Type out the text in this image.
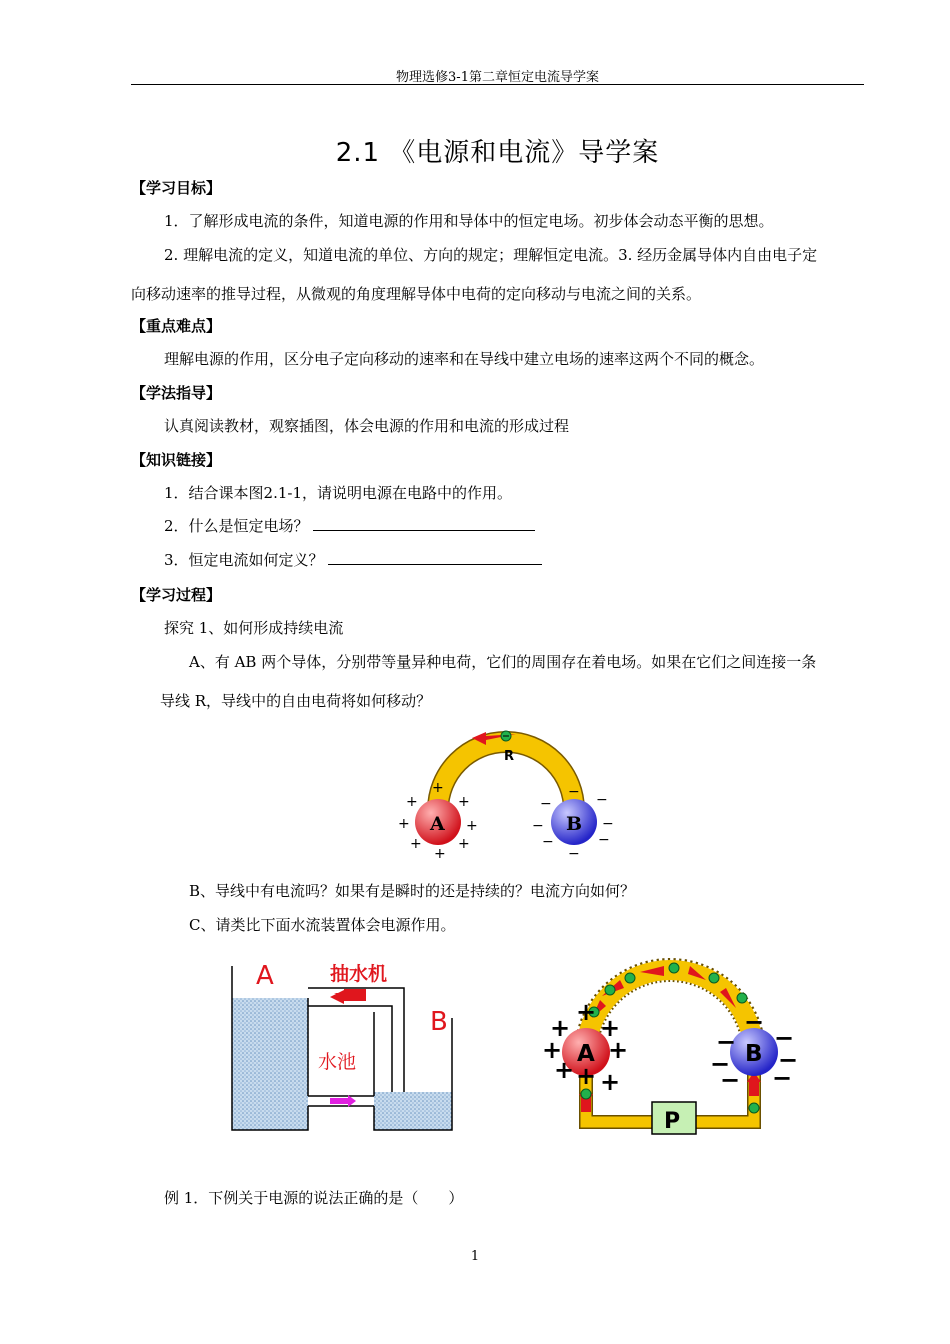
物理选修3-1第二章恒定电流导学案
2.1 《电源和电流》导学案
【学习目标】
1．了解形成电流的条件，知道电源的作用和导体中的恒定电场。初步体会动态平衡的思想。
2. 理解电流的定义，知道电流的单位、方向的规定；理解恒定电流。3. 经历金属导体内自由电子定
向移动速率的推导过程，从微观的角度理解导体中电荷的定向移动与电流之间的关系。
【重点难点】
理解电源的作用，区分电子定向移动的速率和在导线中建立电场的速率这两个不同的概念。
【学法指导】
认真阅读教材，观察插图，体会电源的作用和电流的形成过程
【知识链接】
1．结合课本图2.1-1，请说明电源在电路中的作用。
2．什么是恒定电场？
3．恒定电流如何定义？
【学习过程】
探究 1、如何形成持续电流
A、有 AB 两个导体，分别带等量异种电荷，它们的周围存在着电场。如果在它们之间连接一条
导线 R，导线中的自由电荷将如何移动？
R
A	B
+
+	+
+	+
+	+
+
−
−	−
−	−
−	−
−
B、导线中有电流吗？如果有是瞬时的还是持续的？电流方向如何？
C、请类比下面水流装置体会电源作用。
A
B
抽水机
水池
P
A	B
+
+ +
+ +
+ +
+
−
− −
− −
− −
例 1．下例关于电源的说法正确的是（　　）
1
